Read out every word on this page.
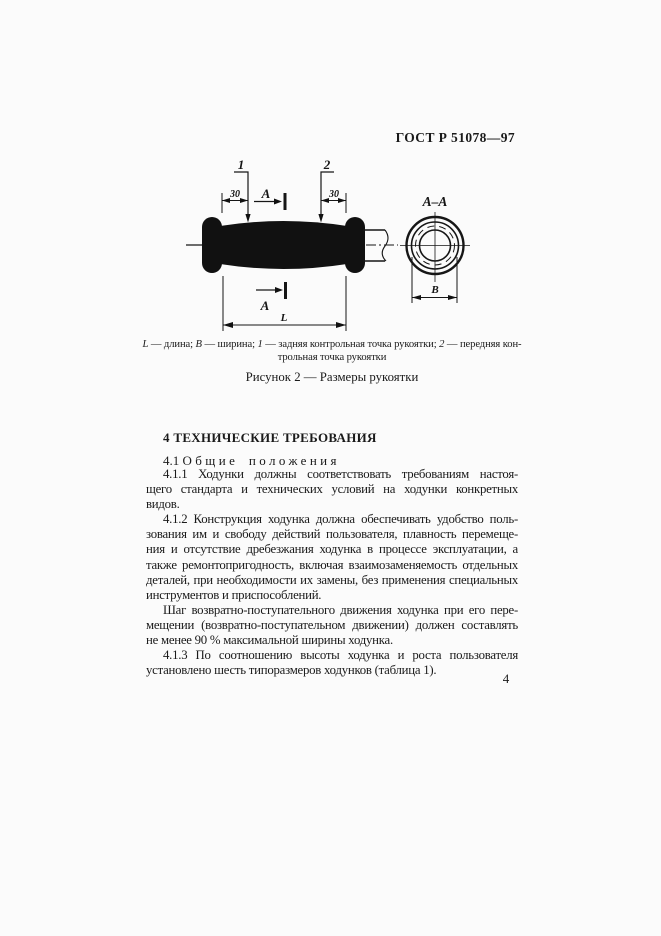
ГОСТ Р 51078—97
1	2
30	30
A
A
L
А–А
В
L — длина; В — ширина; 1 — задняя контрольная точка рукоятки; 2 — передняя кон-
трольная точка рукоятки
Рисунок 2 — Размеры рукоятки
4 ТЕХНИЧЕСКИЕ ТРЕБОВАНИЯ
4.1 Общие положения
4.1.1 Ходунки должны соответствовать требованиям настоя-
щего стандарта и технических условий на ходунки конкретных
видов.
4.1.2 Конструкция ходунка должна обеспечивать удобство поль-
зования им и свободу действий пользователя, плавность перемеще-
ния и отсутствие дребезжания ходунка в процессе эксплуатации, а
также ремонтопригодность, включая взаимозаменяемость отдельных
деталей, при необходимости их замены, без применения специальных
инструментов и приспособлений.
Шаг возвратно-поступательного движения ходунка при его пере-
мещении (возвратно-поступательном движении) должен составлять
не менее 90 % максимальной ширины ходунка.
4.1.3 По соотношению высоты ходунка и роста пользователя
установлено шесть типоразмеров ходунков (таблица 1).
4
